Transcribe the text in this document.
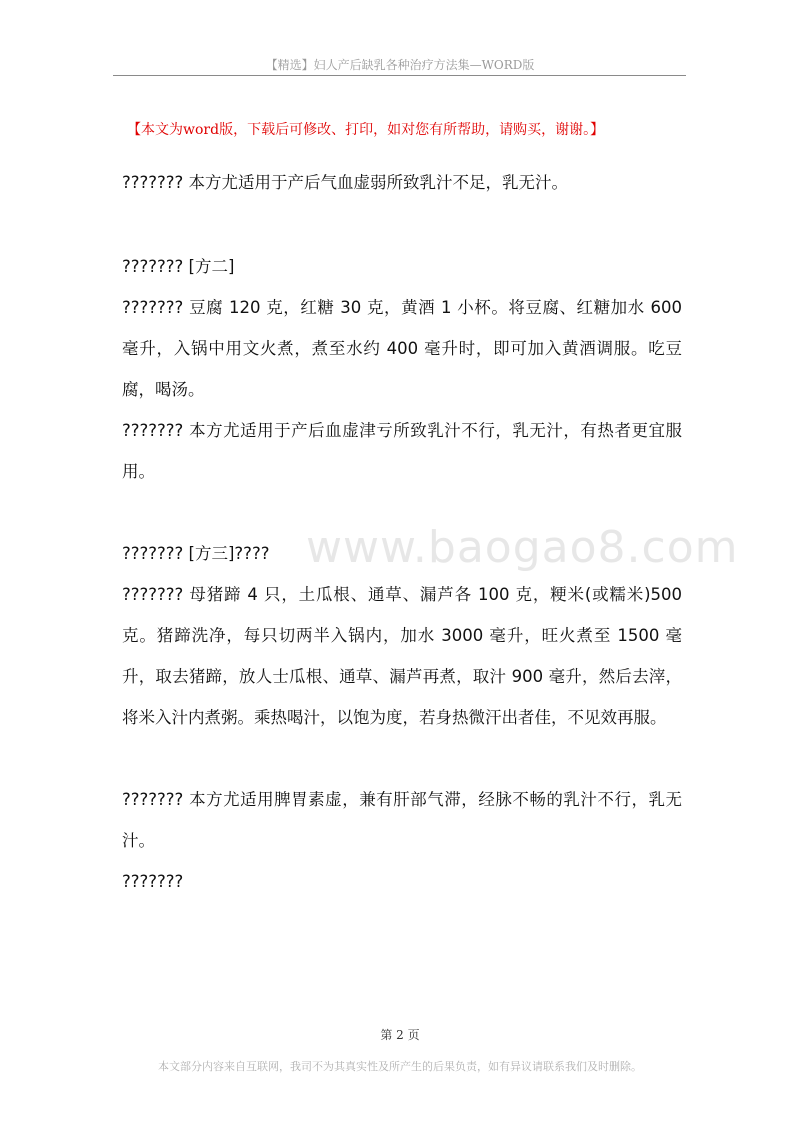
【精选】妇人产后缺乳各种治疗方法集—WORD版
www.baogao8.com
【本文为word版，下载后可修改、打印，如对您有所帮助，请购买，谢谢。】
??????? 本方尤适用于产后气血虚弱所致乳汁不足，乳无汁。
??????? [方二]
??????? 豆腐 120 克，红糖 30 克，黄酒 1 小杯。将豆腐、红糖加水 600 毫升，入锅中用文火煮，煮至水约 400 毫升时，即可加入黄酒调服。吃豆腐，喝汤。
??????? 本方尤适用于产后血虚津亏所致乳汁不行，乳无汁，有热者更宜服用。
??????? [方三]????
??????? 母猪蹄 4 只，土瓜根、通草、漏芦各 100 克，粳米(或糯米)500 克。猪蹄洗净，每只切两半入锅内，加水 3000 毫升，旺火煮至 1500 毫升，取去猪蹄，放人士瓜根、通草、漏芦再煮，取汁 900 毫升，然后去滓，将米入汁内煮粥。乘热喝汁，以饱为度，若身热微汗出者佳，不见效再服。
??????? 本方尤适用脾胃素虚，兼有肝部气滞，经脉不畅的乳汁不行，乳无汁。
???????
第 2 页
本文部分内容来自互联网，我司不为其真实性及所产生的后果负责，如有异议请联系我们及时删除。
